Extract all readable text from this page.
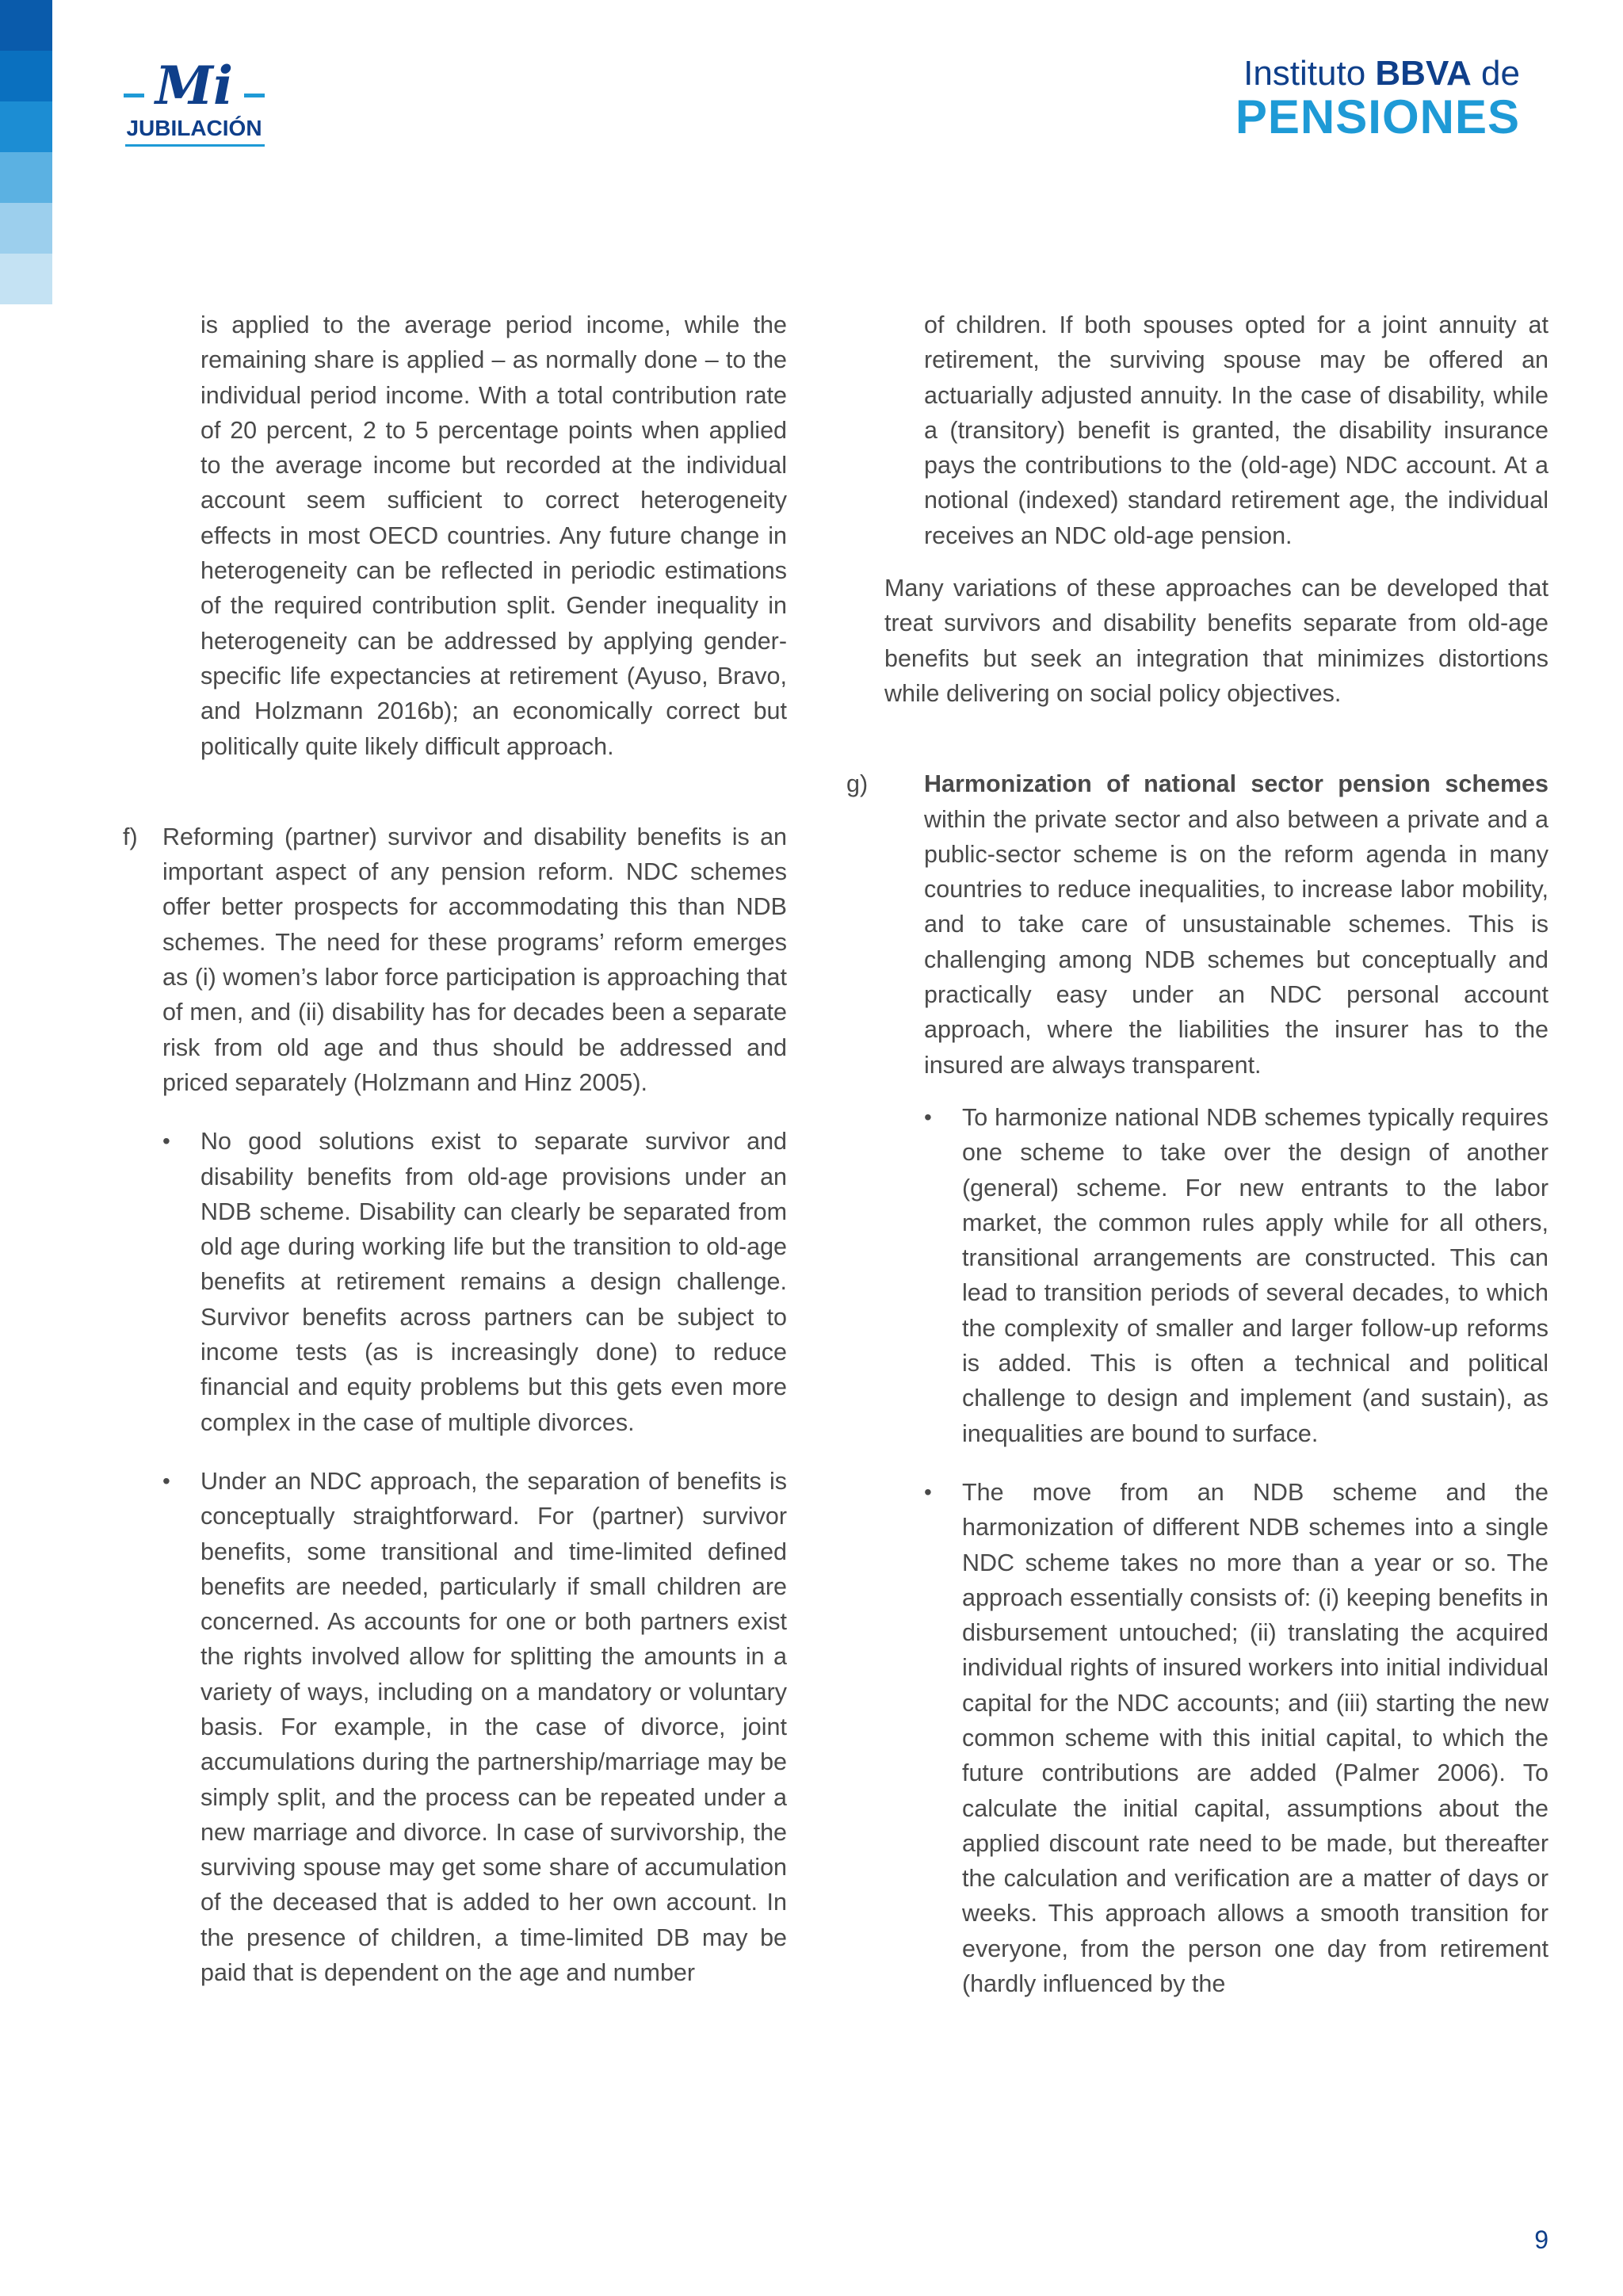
Mi
JUBILACIÓN
Instituto BBVA de
PENSIONES

is applied to the average period income, while the remaining share is applied – as normally done – to the individual period income. With a total contribution rate of 20 percent, 2 to 5 percentage points when applied to the average income but recorded at the individual account seem sufficient to correct heterogeneity effects in most OECD countries. Any future change in heterogeneity can be reflected in periodic estimations of the required contribution split. Gender inequality in heterogeneity can be addressed by applying gender-specific life expectancies at retirement (Ayuso, Bravo, and Holzmann 2016b); an economically correct but politically quite likely difficult approach.

f) Reforming (partner) survivor and disability benefits is an important aspect of any pension reform. NDC schemes offer better prospects for accommodating this than NDB schemes. The need for these programs’ reform emerges as (i) women’s labor force participation is approaching that of men, and (ii) disability has for decades been a separate risk from old age and thus should be addressed and priced separately (Holzmann and Hinz 2005).

• No good solutions exist to separate survivor and disability benefits from old-age provisions under an NDB scheme. Disability can clearly be separated from old age during working life but the transition to old-age benefits at retirement remains a design challenge. Survivor benefits across partners can be subject to income tests (as is increasingly done) to reduce financial and equity problems but this gets even more complex in the case of multiple divorces.

• Under an NDC approach, the separation of benefits is conceptually straightforward. For (partner) survivor benefits, some transitional and time-limited defined benefits are needed, particularly if small children are concerned. As accounts for one or both partners exist the rights involved allow for splitting the amounts in a variety of ways, including on a mandatory or voluntary basis. For example, in the case of divorce, joint accumulations during the partnership/marriage may be simply split, and the process can be repeated under a new marriage and divorce. In case of survivorship, the surviving spouse may get some share of accumulation of the deceased that is added to her own account. In the presence of children, a time-limited DB may be paid that is dependent on the age and number

of children. If both spouses opted for a joint annuity at retirement, the surviving spouse may be offered an actuarially adjusted annuity. In the case of disability, while a (transitory) benefit is granted, the disability insurance pays the contributions to the (old-age) NDC account. At a notional (indexed) standard retirement age, the individual receives an NDC old-age pension.

Many variations of these approaches can be developed that treat survivors and disability benefits separate from old-age benefits but seek an integration that minimizes distortions while delivering on social policy objectives.

g) Harmonization of national sector pension schemes within the private sector and also between a private and a public-sector scheme is on the reform agenda in many countries to reduce inequalities, to increase labor mobility, and to take care of unsustainable schemes. This is challenging among NDB schemes but conceptually and practically easy under an NDC personal account approach, where the liabilities the insurer has to the insured are always transparent.

• To harmonize national NDB schemes typically requires one scheme to take over the design of another (general) scheme. For new entrants to the labor market, the common rules apply while for all others, transitional arrangements are constructed. This can lead to transition periods of several decades, to which the complexity of smaller and larger follow-up reforms is added. This is often a technical and political challenge to design and implement (and sustain), as inequalities are bound to surface.

• The move from an NDB scheme and the harmonization of different NDB schemes into a single NDC scheme takes no more than a year or so. The approach essentially consists of: (i) keeping benefits in disbursement untouched; (ii) translating the acquired individual rights of insured workers into initial individual capital for the NDC accounts; and (iii) starting the new common scheme with this initial capital, to which the future contributions are added (Palmer 2006). To calculate the initial capital, assumptions about the applied discount rate need to be made, but thereafter the calculation and verification are a matter of days or weeks. This approach allows a smooth transition for everyone, from the person one day from retirement (hardly influenced by the

9
